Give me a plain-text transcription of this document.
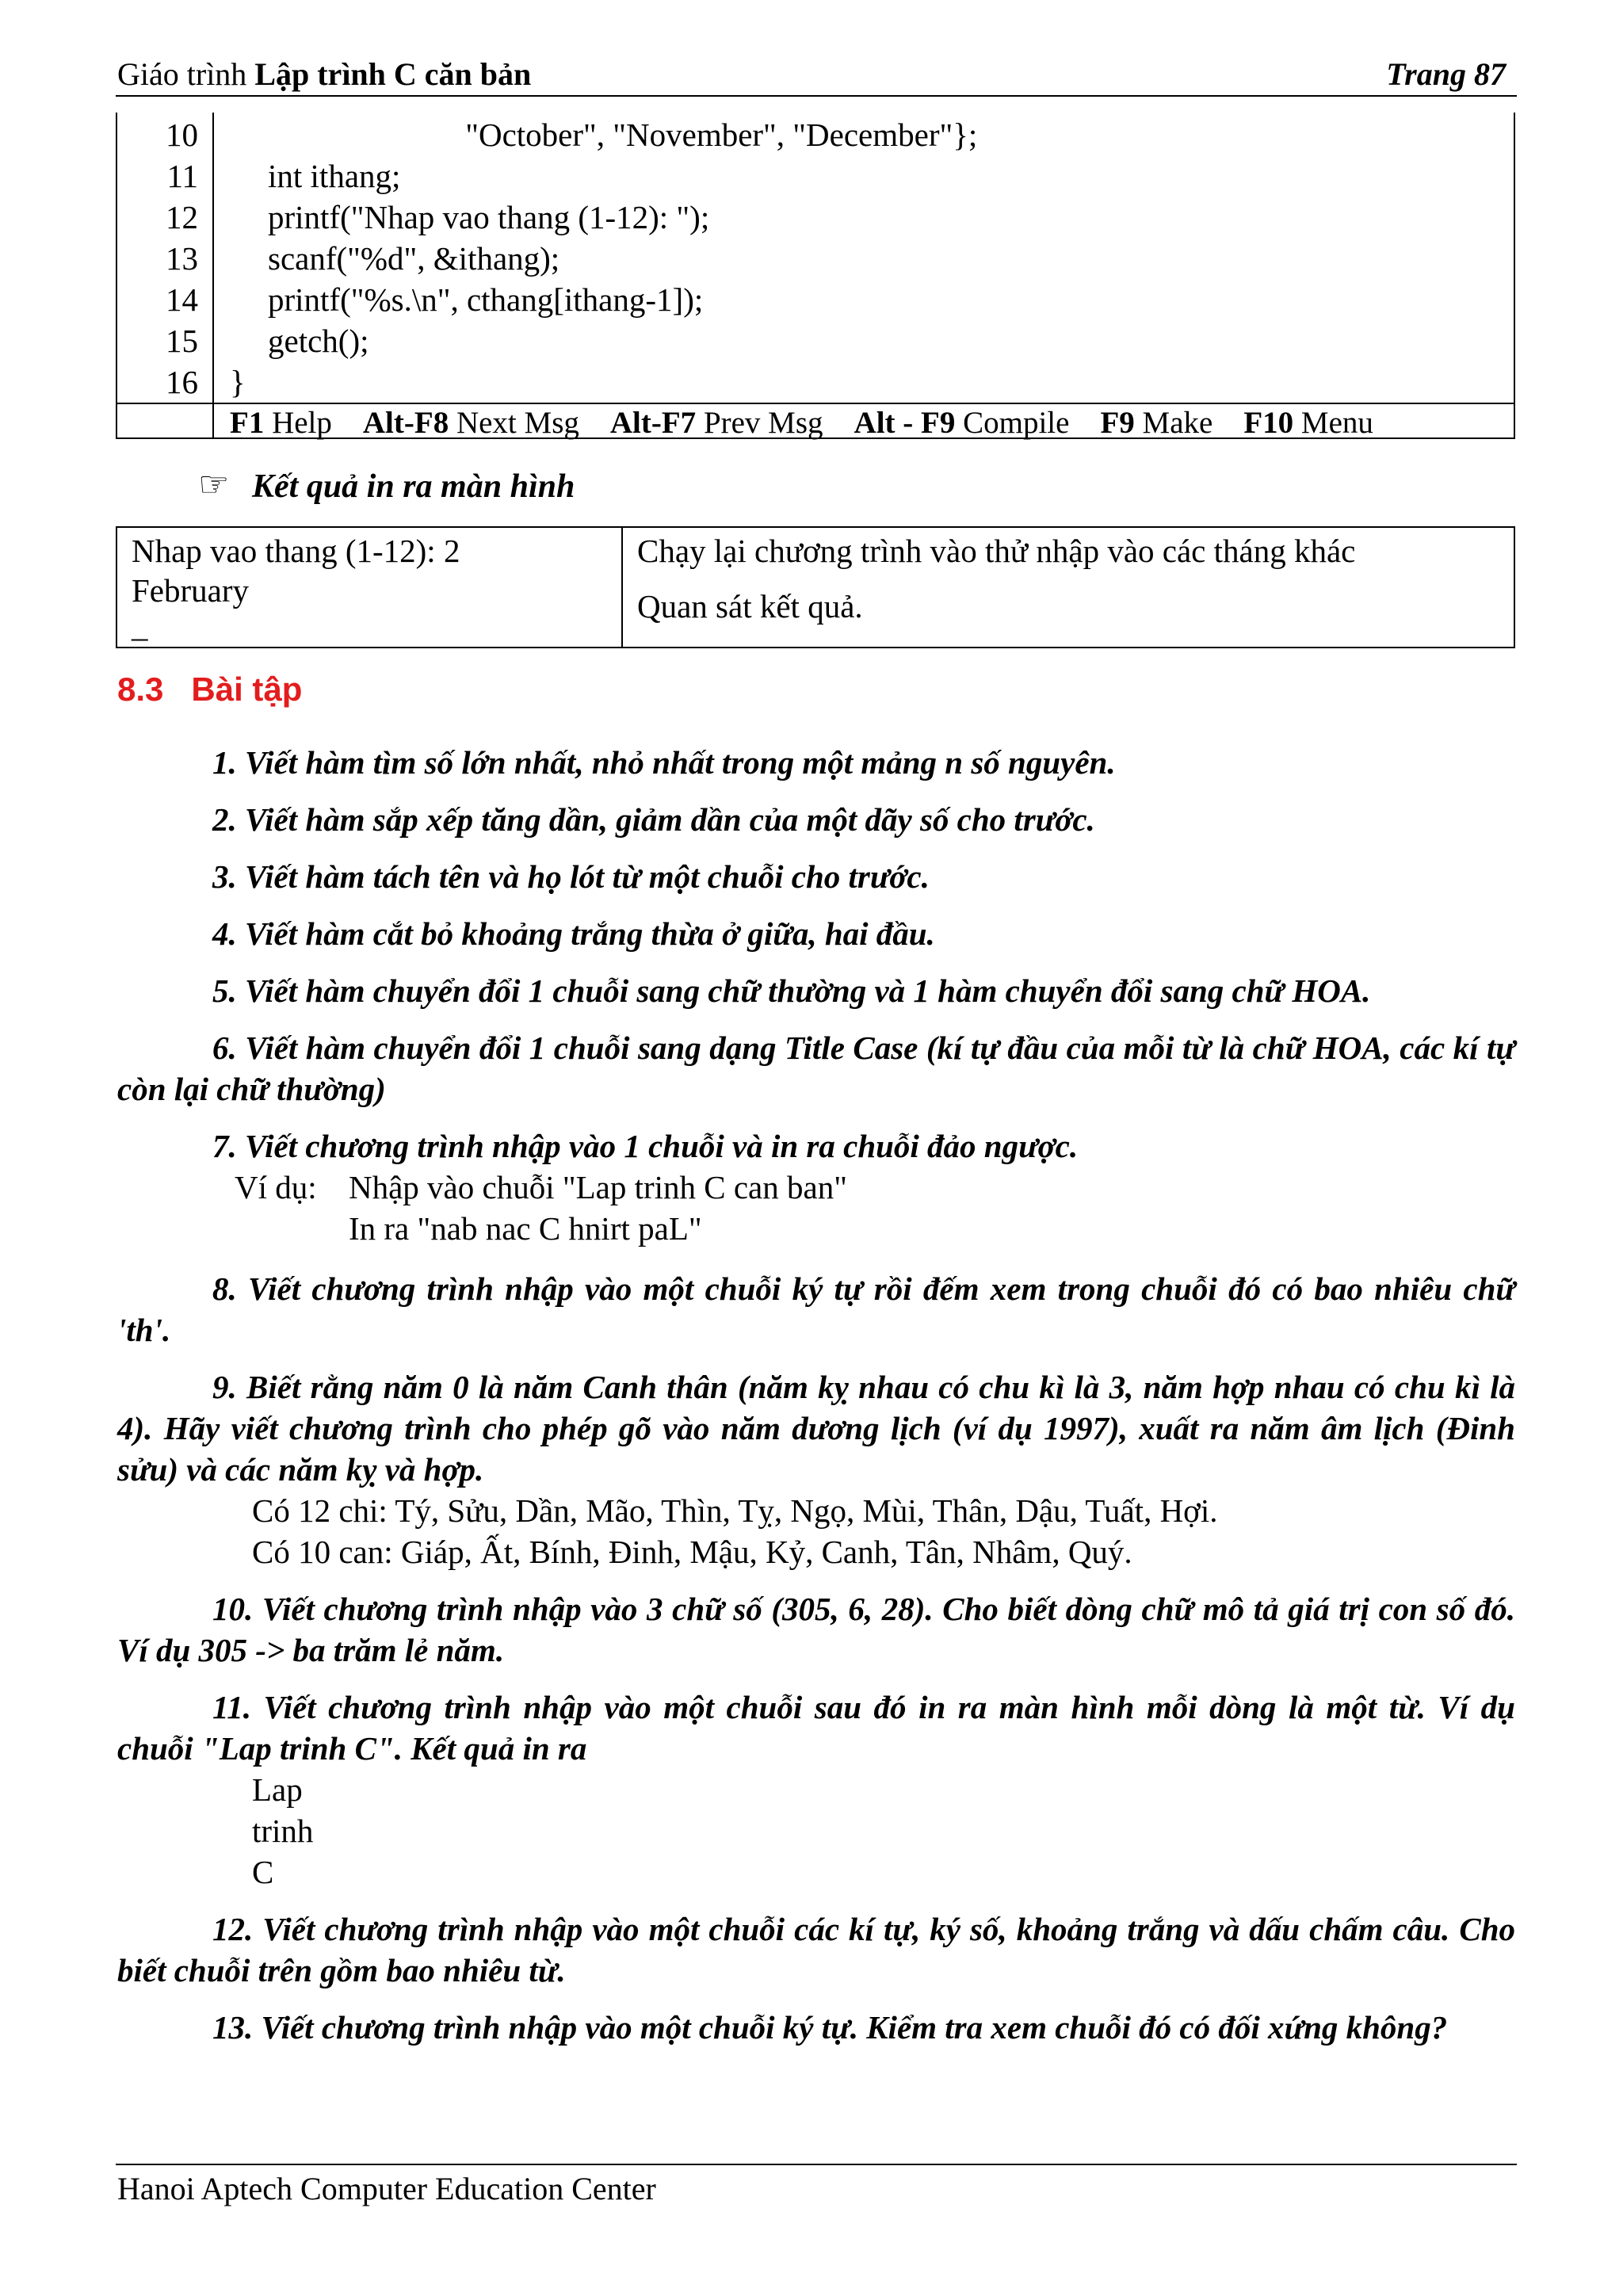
Giáo trình Lập trình C căn bản	Trang 87
10 "October", "November", "December"};
11 int ithang;
12 printf("Nhap vao thang (1-12): ");
13 scanf("%d", &ithang);
14 printf("%s.\n", cthang[ithang-1]);
15 getch();
16 }
F1 Help Alt-F8 Next Msg Alt-F7 Prev Msg Alt - F9 Compile F9 Make F10 Menu
☞ Kết quả in ra màn hình
Nhap vao thang (1-12): 2
February
_
Chạy lại chương trình vào thử nhập vào các tháng khác
Quan sát kết quả.
8.3 Bài tập
1. Viết hàm tìm số lớn nhất, nhỏ nhất trong một mảng n số nguyên.
2. Viết hàm sắp xếp tăng dần, giảm dần của một dãy số cho trước.
3. Viết hàm tách tên và họ lót từ một chuỗi cho trước.
4. Viết hàm cắt bỏ khoảng trắng thừa ở giữa, hai đầu.
5. Viết hàm chuyển đổi 1 chuỗi sang chữ thường và 1 hàm chuyển đổi sang chữ HOA.
6. Viết hàm chuyển đổi 1 chuỗi sang dạng Title Case (kí tự đầu của mỗi từ là chữ HOA, các kí tự còn lại chữ thường)
7. Viết chương trình nhập vào 1 chuỗi và in ra chuỗi đảo ngược.
Ví dụ: Nhập vào chuỗi "Lap trinh C can ban"
In ra "nab nac C hnirt paL"
8. Viết chương trình nhập vào một chuỗi ký tự rồi đếm xem trong chuỗi đó có bao nhiêu chữ 'th'.
9. Biết rằng năm 0 là năm Canh thân (năm kỵ nhau có chu kì là 3, năm hợp nhau có chu kì là 4). Hãy viết chương trình cho phép gõ vào năm dương lịch (ví dụ 1997), xuất ra năm âm lịch (Đinh sửu) và các năm kỵ và hợp.
Có 12 chi: Tý, Sửu, Dần, Mão, Thìn, Tỵ, Ngọ, Mùi, Thân, Dậu, Tuất, Hợi.
Có 10 can: Giáp, Ất, Bính, Đinh, Mậu, Kỷ, Canh, Tân, Nhâm, Quý.
10. Viết chương trình nhập vào 3 chữ số (305, 6, 28). Cho biết dòng chữ mô tả giá trị con số đó. Ví dụ 305 -> ba trăm lẻ năm.
11. Viết chương trình nhập vào một chuỗi sau đó in ra màn hình mỗi dòng là một từ. Ví dụ chuỗi "Lap trinh C". Kết quả in ra
Lap
trinh
C
12. Viết chương trình nhập vào một chuỗi các kí tự, ký số, khoảng trắng và dấu chấm câu. Cho biết chuỗi trên gồm bao nhiêu từ.
13. Viết chương trình nhập vào một chuỗi ký tự. Kiểm tra xem chuỗi đó có đối xứng không?
Hanoi Aptech Computer Education Center
